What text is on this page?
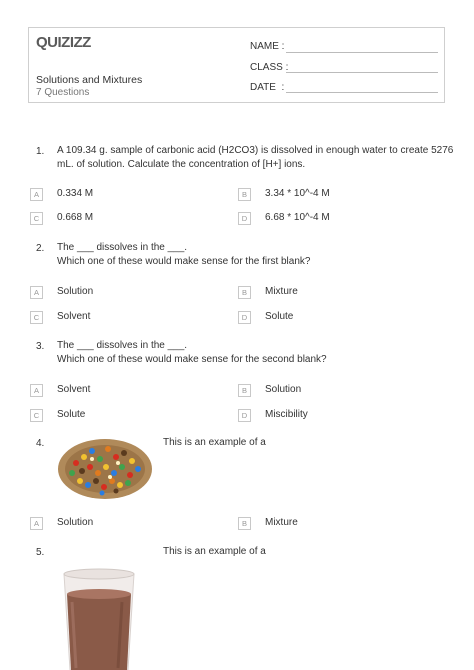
QUIZIZZ
Solutions and Mixtures
7 Questions
NAME :
CLASS :
DATE  :
1. A 109.34 g. sample of carbonic acid (H2CO3) is dissolved in enough water to create 5276
mL. of solution. Calculate the concentration of [H+] ions.
A	0.334 M	B	3.34 * 10^-4 M
C	0.668 M	D	6.68 * 10^-4 M
2. The ___ dissolves in the ___.
Which one of these would make sense for the first blank?
A	Solution	B	Mixture
C	Solvent	D	Solute
3. The ___ dissolves in the ___.
Which one of these would make sense for the second blank?
A	Solvent	B	Solution
C	Solute	D	Miscibility
4.	This is an example of a
A	Solution	B	Mixture
5.	This is an example of a
